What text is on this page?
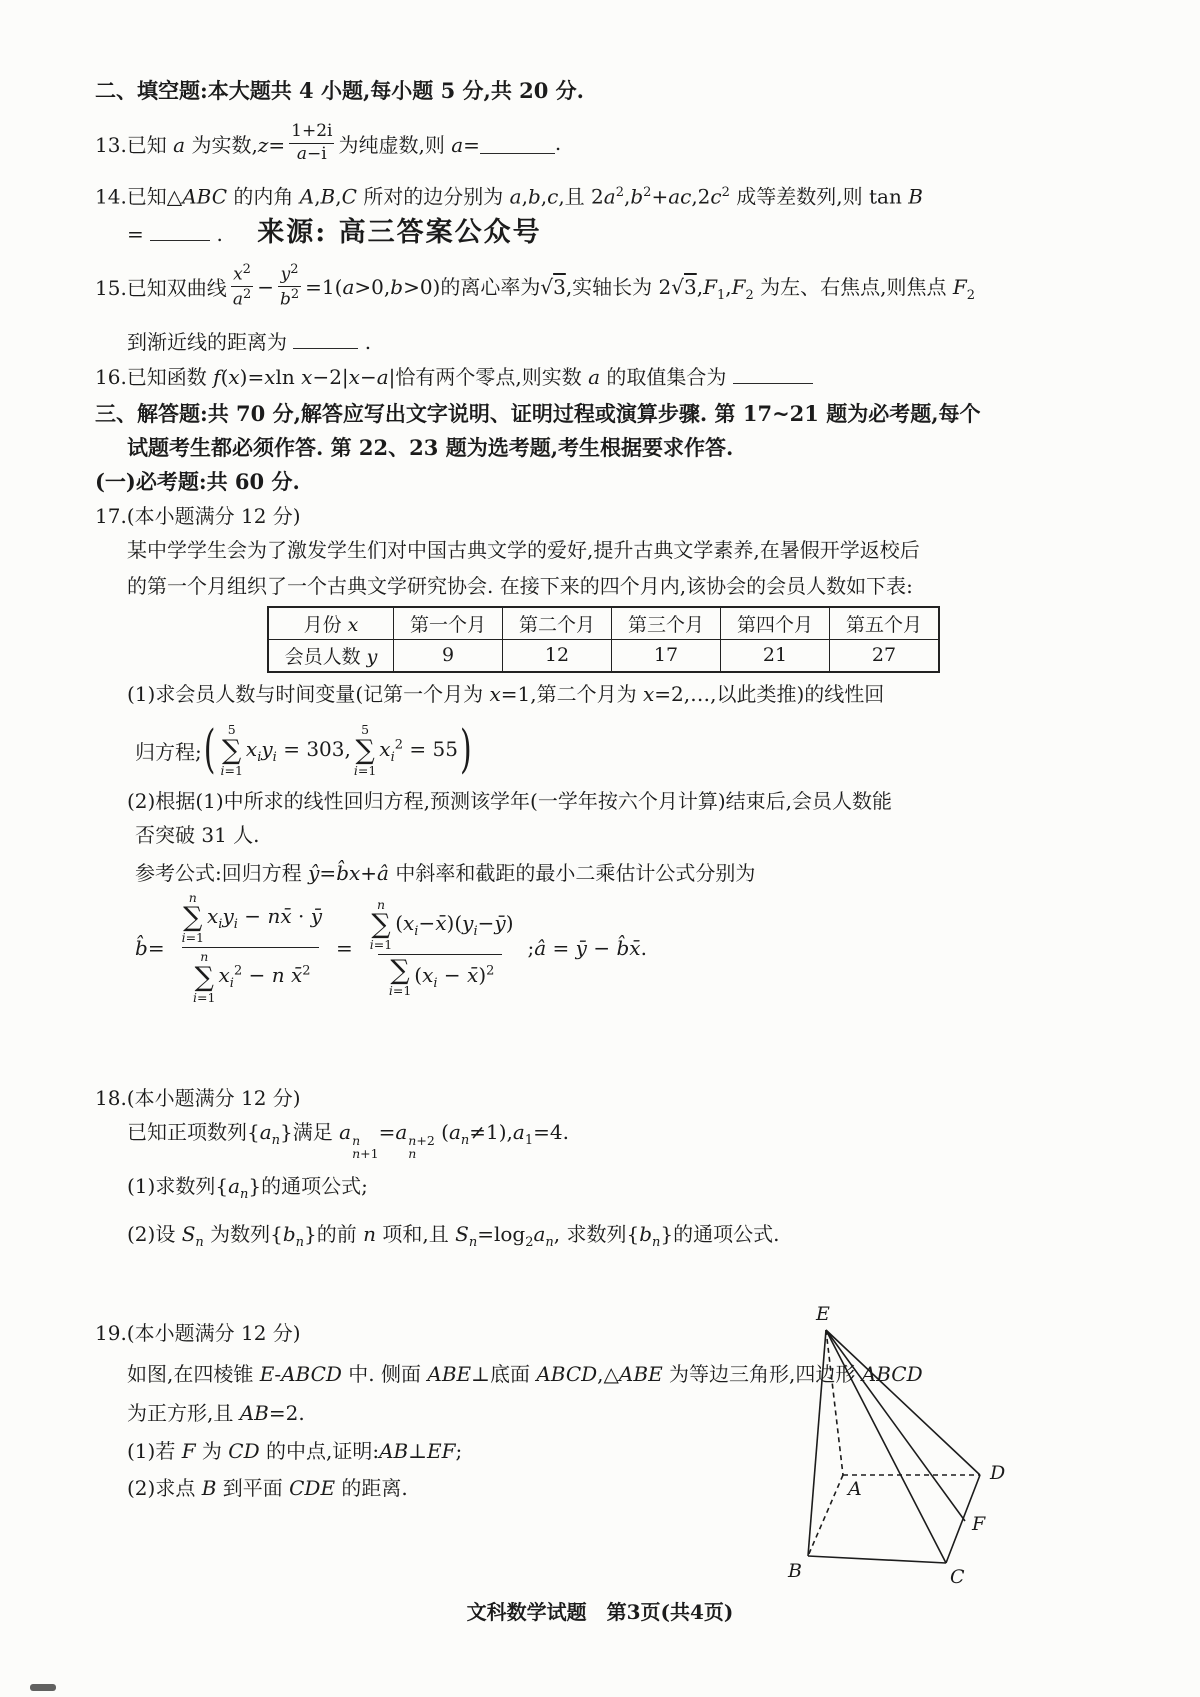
二、填空题:本大题共 4 小题,每小题 5 分,共 20 分.
13.已知 a 为实数$,z= \frac{1+2i}{a-i}$ 为纯虚数,则 a=	.
14.已知△ABC 的内角 A,B,C 所对的边分别为 a,b,c,且 $2a^2,b^2+ac,2c^2$ 成等差数列,则 tan B
=	. 来源: 高三答案公众号
15.已知双曲线 $\frac{x^2}{a^2} - \frac{y^2}{b^2} =1(a>0,b>0)$的离心率为√3,实轴长为 $2√3,F_1,F_2$ 为左、右焦点,则焦点 $F_2$
到渐近线的距离为	.
16.已知函数 f(x)=xln x−2|x−a|恰有两个零点,则实数 a 的取值集合为
三、解答题:共 70 分,解答应写出文字说明、证明过程或演算步骤. 第 17~21 题为必考题,每个
试题考生都必须作答. 第 22、23 题为选考题,考生根据要求作答.
(一)必考题:共 60 分.
17.(本小题满分 12 分)
某中学学生会为了激发学生们对中国古典文学的爱好,提升古典文学素养,在暑假开学返校后
的第一个月组织了一个古典文学研究协会. 在接下来的四个月内,该协会的会员人数如下表:
月份 x	第一个月	第二个月	第三个月	第四个月	第五个月
会员人数 y	9	12	17	21	27
(1)求会员人数与时间变量(记第一个月为 x=1,第二个月为 x=2,…,以此类推)的线性回
归方程; ( 5
∑
i=1
$x_iy_i = 303$,
5
∑
i=1
$x_i^2 = 55$ )
(2)根据(1)中所求的线性回归方程,预测该学年(一学年按六个月计算)结束后,会员人数能
否突破 31 人.
参考公式:回归方程 ŷ=b̂x+â 中斜率和截距的最小二乘估计公式分别为
b̂=
n
∑
i=1
$x_iy_i$ − nx̄ · ȳ
n
∑
i=1
$x_i^2 - n$ x̄$^2$
=
n
∑
i=1
$(x_i-x̄)(y_i-ȳ)$
∑
i=1
($x_i$ − x̄)$^2$
;â = ȳ − b̂x̄.
18.(本小题满分 12 分)
已知正项数列$\{a_n\}$满足 a n
n+1
=a n+2
n
$(a_n\ne 1),a_1=4$.
(1)求数列$\{a_n\}$的通项公式;
(2)设 $S_n$ 为数列$\{b_n\}$的前 n 项和,且 $S_n=\log_2a_n$, 求数列$\{b_n\}$的通项公式.
19.(本小题满分 12 分)
如图,在四棱锥 E-ABCD 中. 侧面 ABE⊥底面 ABCD,△ABE 为等边三角形,四边形 ABCD
为正方形,且 AB=2.
(1)若 F 为 CD 的中点,证明:AB⊥EF;
(2)求点 B 到平面 CDE 的距离.
E
A
B	C
D
F
文科数学试题　第3页(共4页)
